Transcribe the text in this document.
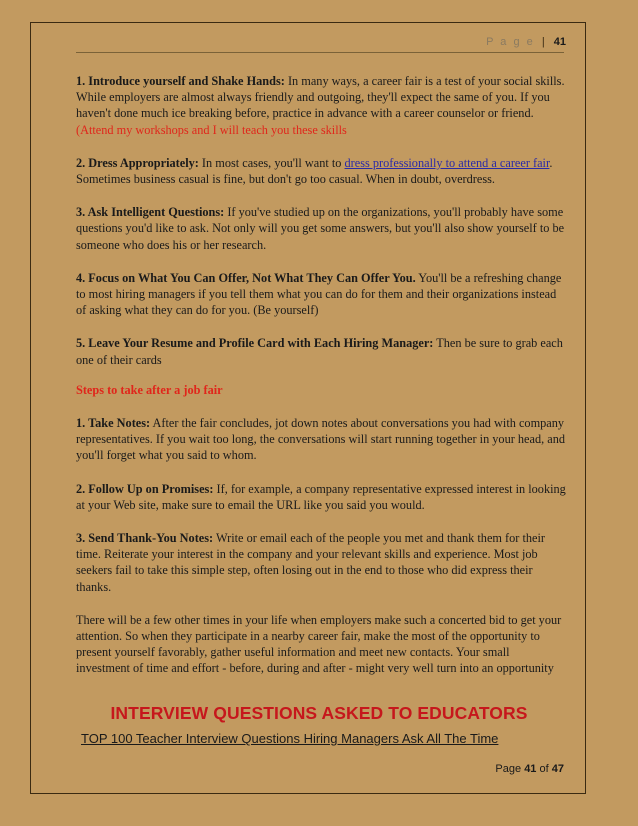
P a g e | 41

1. Introduce yourself and Shake Hands: In many ways, a career fair is a test of your social skills. While employers are almost always friendly and outgoing, they'll expect the same of you. If you haven't done much ice breaking before, practice in advance with a career counselor or friend. (Attend my workshops and I will teach you these skills

2. Dress Appropriately: In most cases, you'll want to dress professionally to attend a career fair. Sometimes business casual is fine, but don't go too casual. When in doubt, overdress.

3. Ask Intelligent Questions: If you've studied up on the organizations, you'll probably have some questions you'd like to ask. Not only will you get some answers, but you'll also show yourself to be someone who does his or her research.

4. Focus on What You Can Offer, Not What They Can Offer You. You'll be a refreshing change to most hiring managers if you tell them what you can do for them and their organizations instead of asking what they can do for you. (Be yourself)

5. Leave Your Resume and Profile Card with Each Hiring Manager: Then be sure to grab each one of their cards

Steps to take after a job fair

1. Take Notes: After the fair concludes, jot down notes about conversations you had with company representatives. If you wait too long, the conversations will start running together in your head, and you'll forget what you said to whom.

2. Follow Up on Promises: If, for example, a company representative expressed interest in looking at your Web site, make sure to email the URL like you said you would.

3. Send Thank-You Notes: Write or email each of the people you met and thank them for their time. Reiterate your interest in the company and your relevant skills and experience. Most job seekers fail to take this simple step, often losing out in the end to those who did express their thanks.

There will be a few other times in your life when employers make such a concerted bid to get your attention. So when they participate in a nearby career fair, make the most of the opportunity to present yourself favorably, gather useful information and meet new contacts. Your small investment of time and effort - before, during and after - might very well turn into an opportunity

INTERVIEW QUESTIONS ASKED TO EDUCATORS
TOP 100 Teacher Interview Questions Hiring Managers Ask All The Time
Page 41 of 47
